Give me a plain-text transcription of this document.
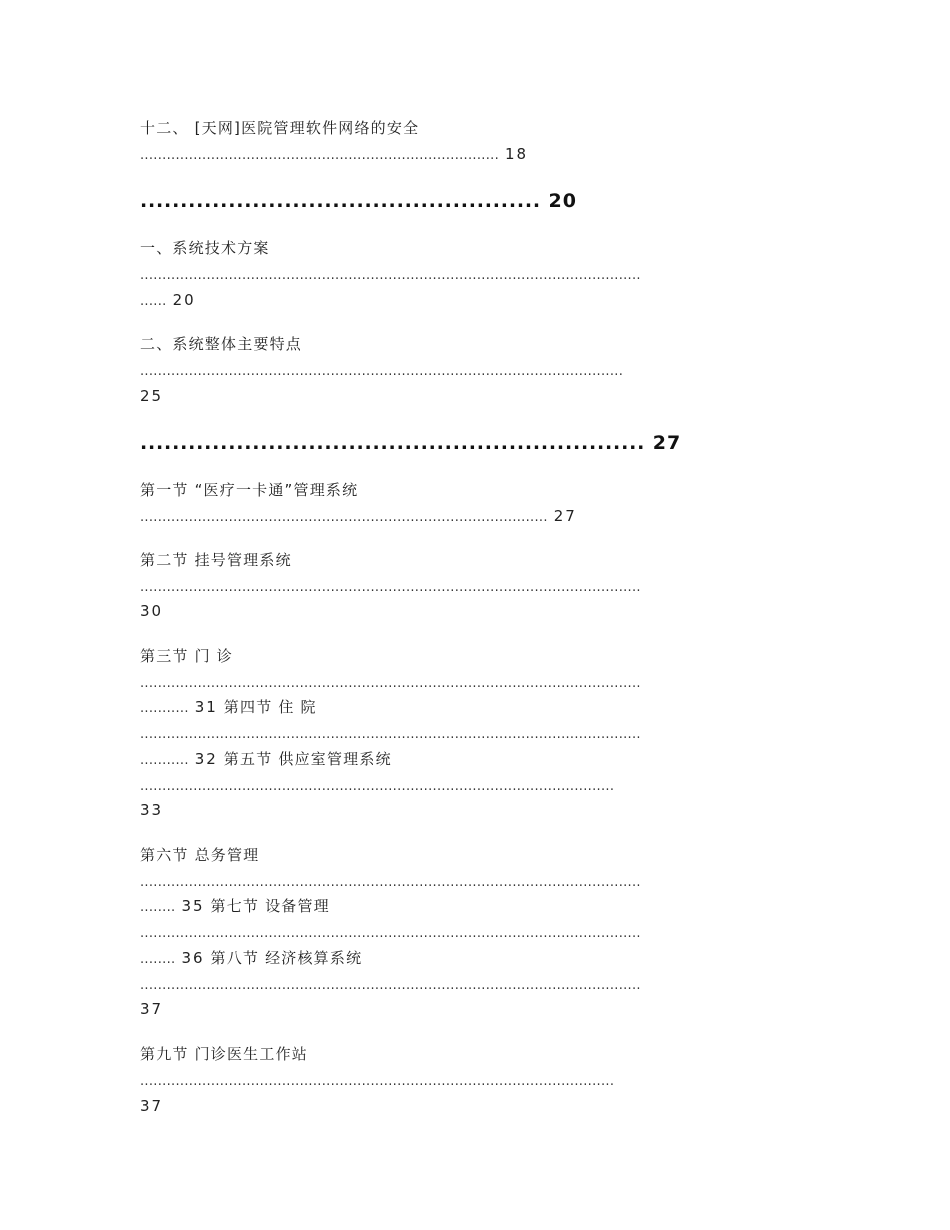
十二、 [天网]医院管理软件网络的安全
................................................................................. 18
.................................................. 20
一、系统技术方案
.................................................................................................................
...... 20
二、系统整体主要特点
.............................................................................................................
25
............................................................... 27
第一节 “医疗一卡通”管理系统
............................................................................................ 27
第二节 挂号管理系统
.................................................................................................................
30
第三节 门 诊
.................................................................................................................
........... 31 第四节 住 院
.................................................................................................................
........... 32 第五节 供应室管理系统
...........................................................................................................
33
第六节 总务管理
.................................................................................................................
........ 35 第七节 设备管理
.................................................................................................................
........ 36 第八节 经济核算系统
.................................................................................................................
37
第九节 门诊医生工作站
...........................................................................................................
37
